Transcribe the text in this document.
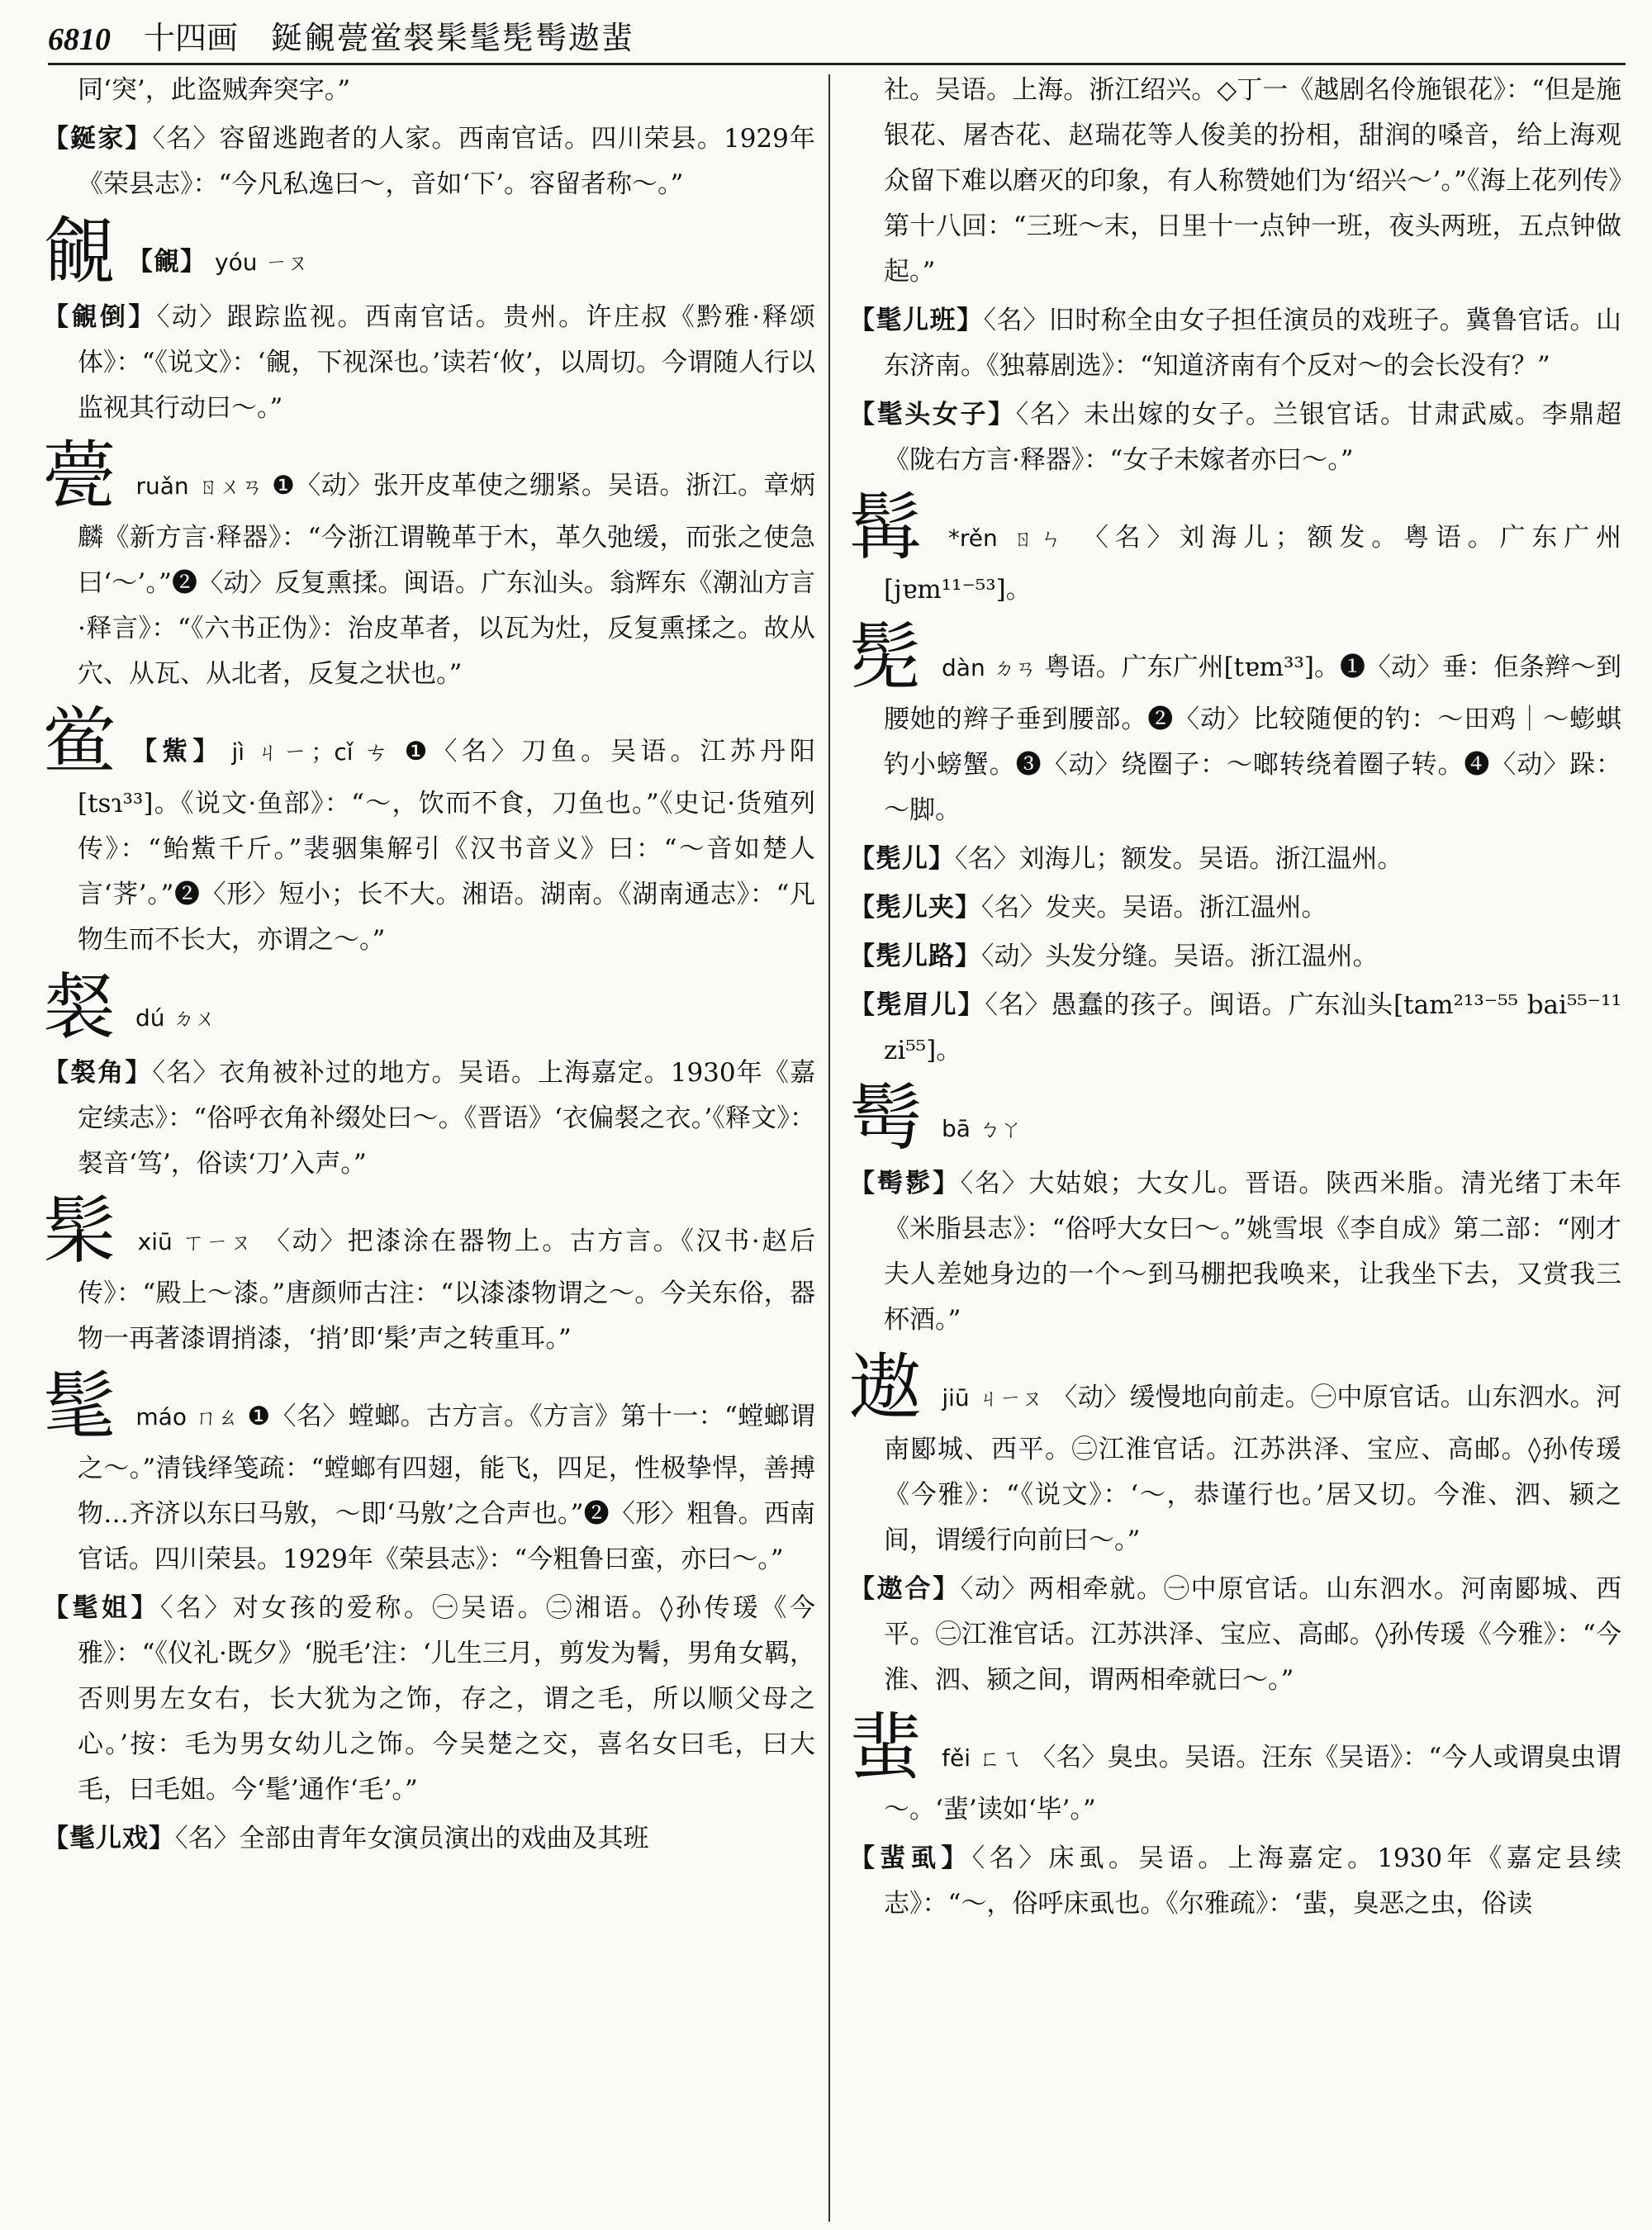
6810 十四画 鋋覦甍鲎裻髤髦髧髩遨蜚
同‘突’，此盗贼奔突字。”
【鋋家】〈名〉容留逃跑者的人家。西南官话。四川荣县。1929年《荣县志》：“今凡私逸曰～，音如‘下’。容留者称～。”
覦 【覦】 yóu ㄧㄡ
【覦倒】〈动〉跟踪监视。西南官话。贵州。许庄叔《黔雅·释颂体》：“《说文》：‘覦，下视深也。’读若‘攸’，以周切。今谓随人行以监视其行动曰～。”
甍ruǎn ㄖㄨㄢ ❶〈动〉张开皮革使之绷紧。吴语。浙江。章炳麟《新方言·释器》：“今浙江谓鞔革于木，革久弛缓，而张之使急曰‘～’。”❷〈动〉反复熏揉。闽语。广东汕头。翁辉东《潮汕方言·释言》：“《六书正伪》：治皮革者，以瓦为灶，反复熏揉之。故从穴、从瓦、从北者，反复之状也。”
鲎 【鮆】 jì ㄐㄧ；cǐ ㄘ ❶〈名〉刀鱼。吴语。江苏丹阳[tsɿ³³]。《说文·鱼部》：“～，饮而不食，刀鱼也。”《史记·货殖列传》：“鲐鮆千斤。”裴骃集解引《汉书音义》曰：“～音如楚人言‘荠’。”❷〈形〉短小；长不大。湘语。湖南。《湖南通志》：“凡物生而不长大，亦谓之～。”
裻dú ㄉㄨ
【裻角】〈名〉衣角被补过的地方。吴语。上海嘉定。1930年《嘉定续志》：“俗呼衣角补缀处曰～。《晋语》‘衣偏裻之衣。’《释文》：裻音‘笃’，俗读‘刀’入声。”
髤xiū ㄒㄧㄡ 〈动〉把漆涂在器物上。古方言。《汉书·赵后传》：“殿上～漆。”唐颜师古注：“以漆漆物谓之～。今关东俗，器物一再著漆谓捎漆，‘捎’即‘髤’声之转重耳。”
髦máo ㄇㄠ ❶〈名〉螳螂。古方言。《方言》第十一：“螳螂谓之～。”清钱绎笺疏：“螳螂有四翅，能飞，四足，性极挚悍，善搏物…齐济以东曰马敫，～即‘马敫’之合声也。”❷〈形〉粗鲁。西南官话。四川荣县。1929年《荣县志》：“今粗鲁曰蛮，亦曰～。”
【髦姐】〈名〉对女孩的爱称。㊀吴语。㊁湘语。◊孙传瑗《今雅》：“《仪礼·既夕》‘脱毛’注：‘儿生三月，剪发为鬌，男角女羁，否则男左女右，长大犹为之饰，存之，谓之毛，所以顺父母之心。’按：毛为男女幼儿之饰。今吴楚之交，喜名女曰毛，曰大毛，曰毛姐。今‘髦’通作‘毛’。”
【髦儿戏】〈名〉全部由青年女演员演出的戏曲及其班
社。吴语。上海。浙江绍兴。◇丁一《越剧名伶施银花》：“但是施银花、屠杏花、赵瑞花等人俊美的扮相，甜润的嗓音，给上海观众留下难以磨灭的印象，有人称赞她们为‘绍兴～’。”《海上花列传》第十八回：“三班～末，日里十一点钟一班，夜头两班，五点钟做起。”
【髦儿班】〈名〉旧时称全由女子担任演员的戏班子。冀鲁官话。山东济南。《独幕剧选》：“知道济南有个反对～的会长没有？”
【髦头女子】〈名〉未出嫁的女子。兰银官话。甘肃武威。李鼎超《陇右方言·释器》：“女子未嫁者亦曰～。”
髯 *rěn ㄖㄣ 〈名〉刘海儿；额发。粤语。广东广州[jɐm¹¹⁻⁵³]。
髧dàn ㄉㄢ 粤语。广东广州[tɐm³³]。❶〈动〉垂：佢条辫～到腰她的辫子垂到腰部。❷〈动〉比较随便的钓：～田鸡｜～蟛蜞钓小螃蟹。❸〈动〉绕圈子：～啷转绕着圈子转。❹〈动〉跺：～脚。
【髧儿】〈名〉刘海儿；额发。吴语。浙江温州。
【髧儿夹】〈名〉发夹。吴语。浙江温州。
【髧儿路】〈动〉头发分缝。吴语。浙江温州。
【髧眉儿】〈名〉愚蠢的孩子。闽语。广东汕头[tam²¹³⁻⁵⁵ bai⁵⁵⁻¹¹ zi⁵⁵]。
髩bā ㄅㄚ
【髩髿】〈名〉大姑娘；大女儿。晋语。陕西米脂。清光绪丁未年《米脂县志》：“俗呼大女曰～。”姚雪垠《李自成》第二部：“刚才夫人差她身边的一个～到马棚把我唤来，让我坐下去，又赏我三杯酒。”
遨jiū ㄐㄧㄡ 〈动〉缓慢地向前走。㊀中原官话。山东泗水。河南郾城、西平。㊁江淮官话。江苏洪泽、宝应、高邮。◊孙传瑗《今雅》：“《说文》：‘～，恭谨行也。’居又切。今淮、泗、颍之间，谓缓行向前曰～。”
【遨合】〈动〉两相牵就。㊀中原官话。山东泗水。河南郾城、西平。㊁江淮官话。江苏洪泽、宝应、高邮。◊孙传瑗《今雅》：“今淮、泗、颍之间，谓两相牵就曰～。”
蜚fěi ㄈㄟ 〈名〉臭虫。吴语。汪东《吴语》：“今人或谓臭虫谓～。‘蜚’读如‘毕’。”
【蜚虱】〈名〉床虱。吴语。上海嘉定。1930年《嘉定县续志》：“～，俗呼床虱也。《尔雅疏》：‘蜚，臭恶之虫，俗读
